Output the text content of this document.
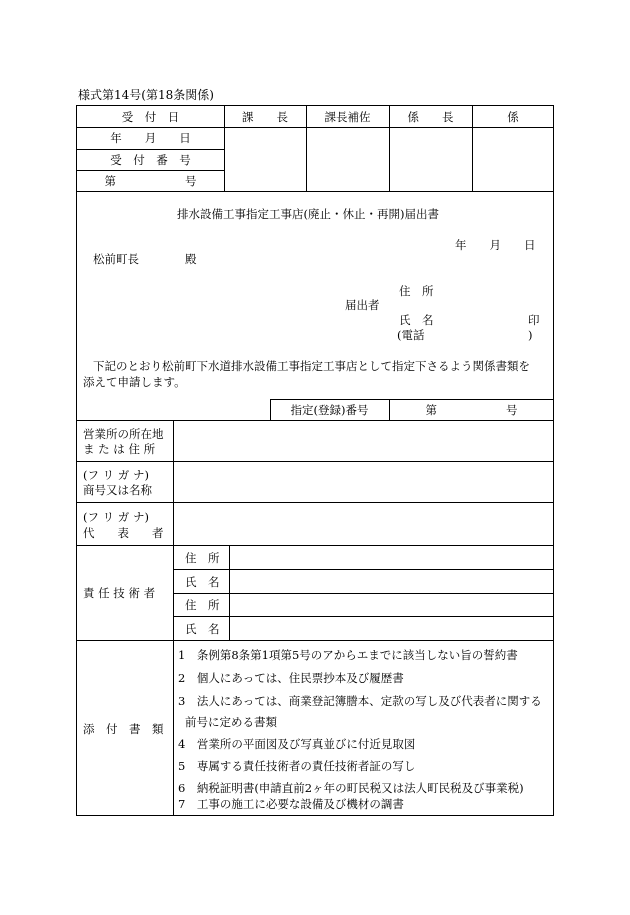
様式第14号(第18条関係)
受　付　日	課　　長	課長補佐	係　　長	係
年　　月　　日
受　付　番　号
第　　　　　　号
排水設備工事指定工事店(廃止・休止・再開)届出書
年　　月　　日
松前町長　　　　殿
住　所
届出者
氏　名	印
(電話　　　　　　　　　)
下記のとおり松前町下水道排水設備工事指定工事店として指定下さるよう関係書類を
添えて申請します。
指定(登録)番号	第　　　　　　号
営業所の所在地
ま た は 住 所
(フ リ ガ ナ)
商号又は名称
(フ リ ガ ナ)
代　　表　　者
責 任 技 術 者
住　所
氏　名
住　所
氏　名
添　付　書　類
1　条例第8条第1項第5号のアからエまでに該当しない旨の誓約書
2　個人にあっては、住民票抄本及び履歴書
3　法人にあっては、商業登記簿謄本、定款の写し及び代表者に関する
前号に定める書類
4　営業所の平面図及び写真並びに付近見取図
5　専属する責任技術者の責任技術者証の写し
6　納税証明書(申請直前2ヶ年の町民税又は法人町民税及び事業税)
7　工事の施工に必要な設備及び機材の調書
